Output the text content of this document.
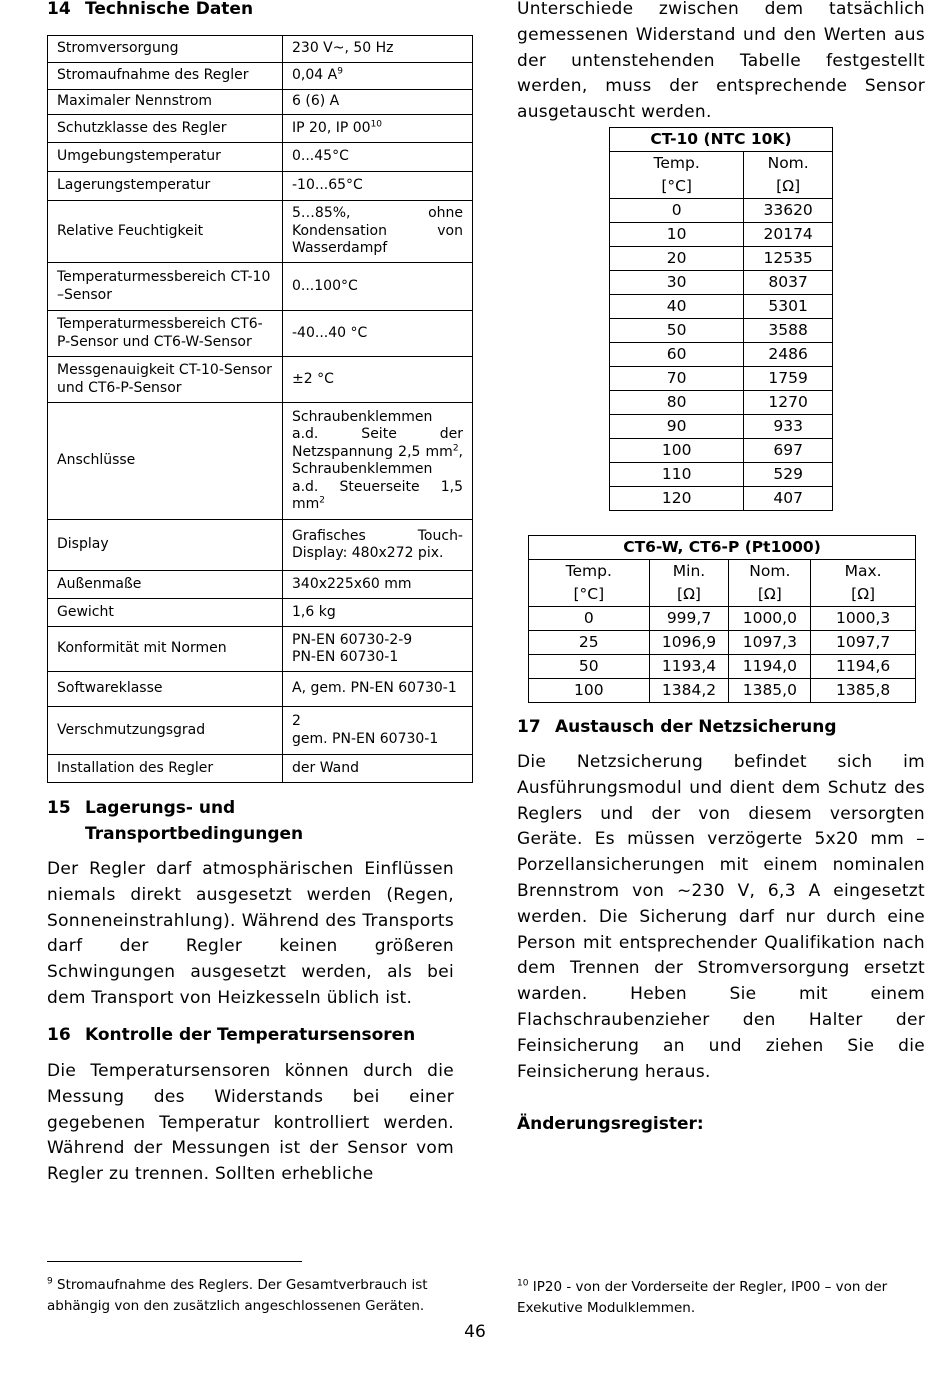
14 Technische Daten
Stromversorgung	230 V~, 50 Hz
Stromaufnahme des Regler	0,04 $A^9$
Maximaler Nennstrom	6 (6) A
Schutzklasse des Regler	IP 20, IP $00^{10}$
Umgebungstemperatur	0...45°C
Lagerungstemperatur	-10...65°C
Relative Feuchtigkeit	5…85%, ohne Kondensation von Wasserdampf
Temperaturmessbereich CT-10 –Sensor	0...100°C
Temperaturmessbereich CT6-P-Sensor und CT6-W-Sensor	-40...40 °C
Messgenauigkeit CT-10-Sensor und CT6-P-Sensor	±2 °C
Anschlüsse	Schraubenklemmen a.d. Seite der Netzspannung 2,5 $mm^2$, Schraubenklemmen a.d. Steuerseite 1,5 $mm^2$
Display	Grafisches Touch-Display: 480x272 pix.
Außenmaße	340x225x60 mm
Gewicht	1,6 kg
Konformität mit Normen	PN-EN 60730-2-9
PN-EN 60730-1

Softwareklasse	A, gem. PN-EN 60730-1
Verschmutzungsgrad	2
gem. PN-EN 60730-1

Installation des Regler	der Wand
15 Lagerungs- und
Transportbedingungen

Der Regler darf atmosphärischen Einflüssen niemals direkt ausgesetzt werden (Regen, Sonneneinstrahlung). Während des Transports darf der Regler keinen größeren Schwingungen ausgesetzt werden, als bei dem Transport von Heizkesseln üblich ist.

16 Kontrolle der Temperatursensoren

Die Temperatursensoren können durch die Messung des Widerstands bei einer gegebenen Temperatur kontrolliert werden. Während der Messungen ist der Sensor vom Regler zu trennen. Sollten erhebliche

Unterschiede zwischen dem tatsächlich gemessenen Widerstand und den Werten aus der untenstehenden Tabelle festgestellt werden, muss der entsprechende Sensor ausgetauscht werden.

CT-10 (NTC 10K)	
Temp.	Nom.
[°C]	[Ω]
0	33620
10	20174
20	12535
30	8037
40	5301
50	3588
60	2486
70	1759
80	1270
90	933
100	697
110	529
120	407
CT6-W, CT6-P (Pt1000)			
Temp.	Min.	Nom.	Max.
[°C]	[Ω]	[Ω]	[Ω]
0	999,7	1000,0	1000,3
25	1096,9	1097,3	1097,7
50	1193,4	1194,0	1194,6
100	1384,2	1385,0	1385,8
17 Austausch der Netzsicherung

Die Netzsicherung befindet sich im Ausführungsmodul und dient dem Schutz des Reglers und der von diesem versorgten Geräte. Es müssen verzögerte 5x20 mm – Porzellansicherungen mit einem nominalen Brennstrom von ~230 V, 6,3 A eingesetzt werden. Die Sicherung darf nur durch eine Person mit entsprechender Qualifikation nach dem Trennen der Stromversorgung ersetzt warden. Heben Sie mit einem Flachschraubenzieher den Halter der Feinsicherung an und ziehen Sie die Feinsicherung heraus.

Änderungsregister:
$^9$ Stromaufnahme des Reglers. Der Gesamtverbrauch ist abhängig von den zusätzlich angeschlossenen Geräten.
$^{10}$ IP20 - von der Vorderseite der Regler, IP00 – von der Exekutive Modulklemmen.
46
